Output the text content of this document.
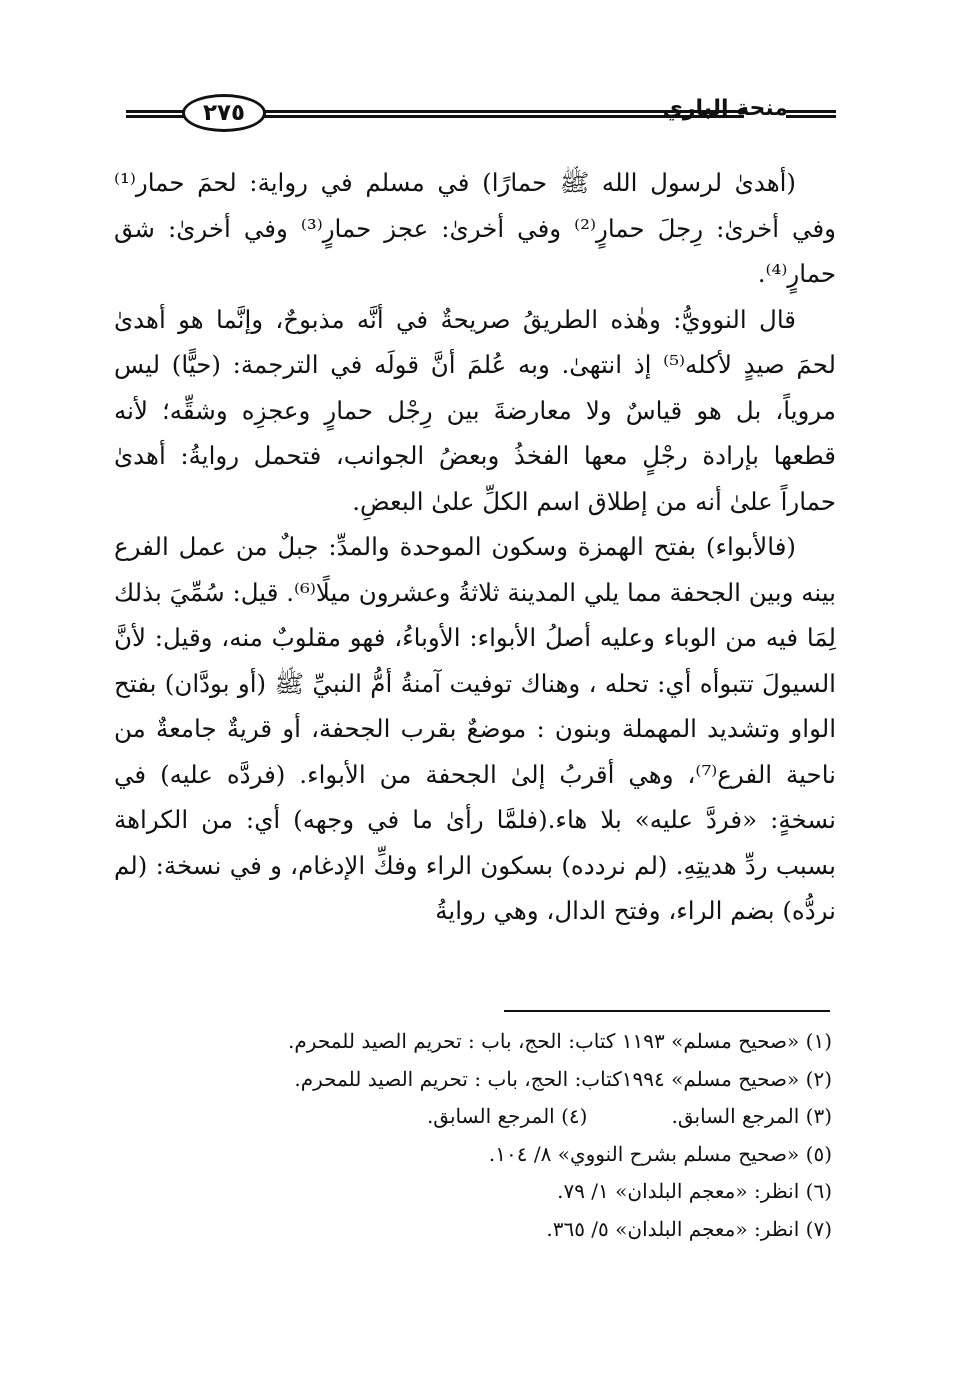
٢٧٥	منحة الباري

(أهدىٰ لرسول الله ﷺ حمارًا) في مسلم في رواية: لحمَ حمار⁽¹⁾ وفي أخرىٰ: رِجلَ حمارٍ⁽²⁾ وفي أخرىٰ: عجز حمارٍ⁽³⁾ وفي أخرىٰ: شق حمارٍ⁽⁴⁾.

قال النوويُّ: وهٰذه الطريقُ صريحةٌ في أنَّه مذبوحٌ، وإنَّما هو أهدىٰ لحمَ صيدٍ لأكله⁽⁵⁾ إذ انتهىٰ. وبه عُلمَ أنَّ قولَه في الترجمة: (حيًّا) ليس مروياً، بل هو قياسٌ ولا معارضةَ بين رِجْل حمارٍ وعجزِه وشقِّه؛ لأنه قطعها بإرادة رجْلٍ معها الفخذُ وبعضُ الجوانب، فتحمل روايةُ: أهدىٰ حماراً علىٰ أنه من إطلاق اسم الكلِّ علىٰ البعضِ.

(فالأبواء) بفتح الهمزة وسكون الموحدة والمدِّ: جبلٌ من عمل الفرع بينه وبين الجحفة مما يلي المدينة ثلاثةُ وعشرون ميلًا⁽⁶⁾. قيل: سُمِّيَ بذلك لِمَا فيه من الوباء وعليه أصلُ الأبواء: الأوباءُ، فهو مقلوبٌ منه، وقيل: لأنَّ السيولَ تتبوأه أي: تحله ، وهناك توفيت آمنةُ أمُّ النبيِّ ﷺ (أو بودَّان) بفتح الواو وتشديد المهملة وبنون : موضعٌ بقرب الجحفة، أو قريةٌ جامعةٌ من ناحية الفرع⁽⁷⁾، وهي أقربُ إلىٰ الجحفة من الأبواء. (فردَّه عليه) في نسخةٍ: «فردَّ عليه» بلا هاء.(فلمَّا رأىٰ ما في وجهه) أي: من الكراهة بسبب ردِّ هديتِهِ. (لم نردده) بسكون الراء وفكِّ الإدغام، و في نسخة: (لم نردُّه) بضم الراء، وفتح الدال، وهي روايةُ

(١) «صحيح مسلم» ١١٩٣ كتاب: الحج، باب : تحريم الصيد للمحرم.
(٢) «صحيح مسلم» ١٩٩٤كتاب: الحج، باب : تحريم الصيد للمحرم.
(٣) المرجع السابق.
(٤) المرجع السابق.
(٥) «صحيح مسلم بشرح النووي» ٨/ ١٠٤.
(٦) انظر: «معجم البلدان» ١/ ٧٩.
(٧) انظر: «معجم البلدان» ٥/ ٣٦٥.
